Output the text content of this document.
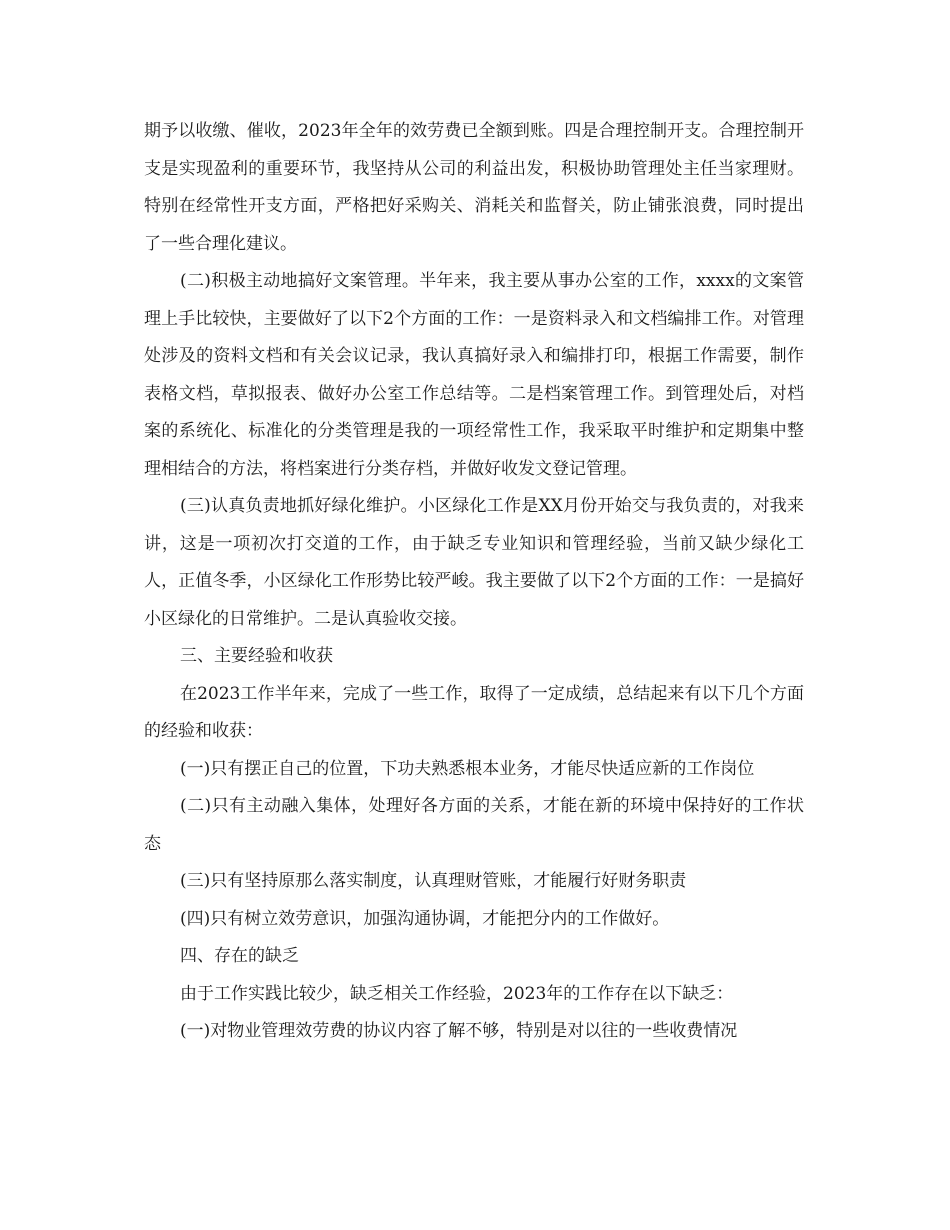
期予以收缴、催收，2023年全年的效劳费已全额到账。四是合理控制开支。合理控制开支是实现盈利的重要环节，我坚持从公司的利益出发，积极协助管理处主任当家理财。特别在经常性开支方面，严格把好采购关、消耗关和监督关，防止铺张浪费，同时提出了一些合理化建议。

(二)积极主动地搞好文案管理。半年来，我主要从事办公室的工作，xxxx的文案管理上手比较快，主要做好了以下2个方面的工作：一是资料录入和文档编排工作。对管理处涉及的资料文档和有关会议记录，我认真搞好录入和编排打印，根据工作需要，制作表格文档，草拟报表、做好办公室工作总结等。二是档案管理工作。到管理处后，对档案的系统化、标准化的分类管理是我的一项经常性工作，我采取平时维护和定期集中整理相结合的方法，将档案进行分类存档，并做好收发文登记管理。

(三)认真负责地抓好绿化维护。小区绿化工作是XX月份开始交与我负责的，对我来讲，这是一项初次打交道的工作，由于缺乏专业知识和管理经验，当前又缺少绿化工人，正值冬季，小区绿化工作形势比较严峻。我主要做了以下2个方面的工作：一是搞好小区绿化的日常维护。二是认真验收交接。

三、主要经验和收获

在2023工作半年来，完成了一些工作，取得了一定成绩，总结起来有以下几个方面的经验和收获：

(一)只有摆正自己的位置，下功夫熟悉根本业务，才能尽快适应新的工作岗位

(二)只有主动融入集体，处理好各方面的关系，才能在新的环境中保持好的工作状态

(三)只有坚持原那么落实制度，认真理财管账，才能履行好财务职责

(四)只有树立效劳意识，加强沟通协调，才能把分内的工作做好。

四、存在的缺乏

由于工作实践比较少，缺乏相关工作经验，2023年的工作存在以下缺乏：

(一)对物业管理效劳费的协议内容了解不够，特别是对以往的一些收费情况
